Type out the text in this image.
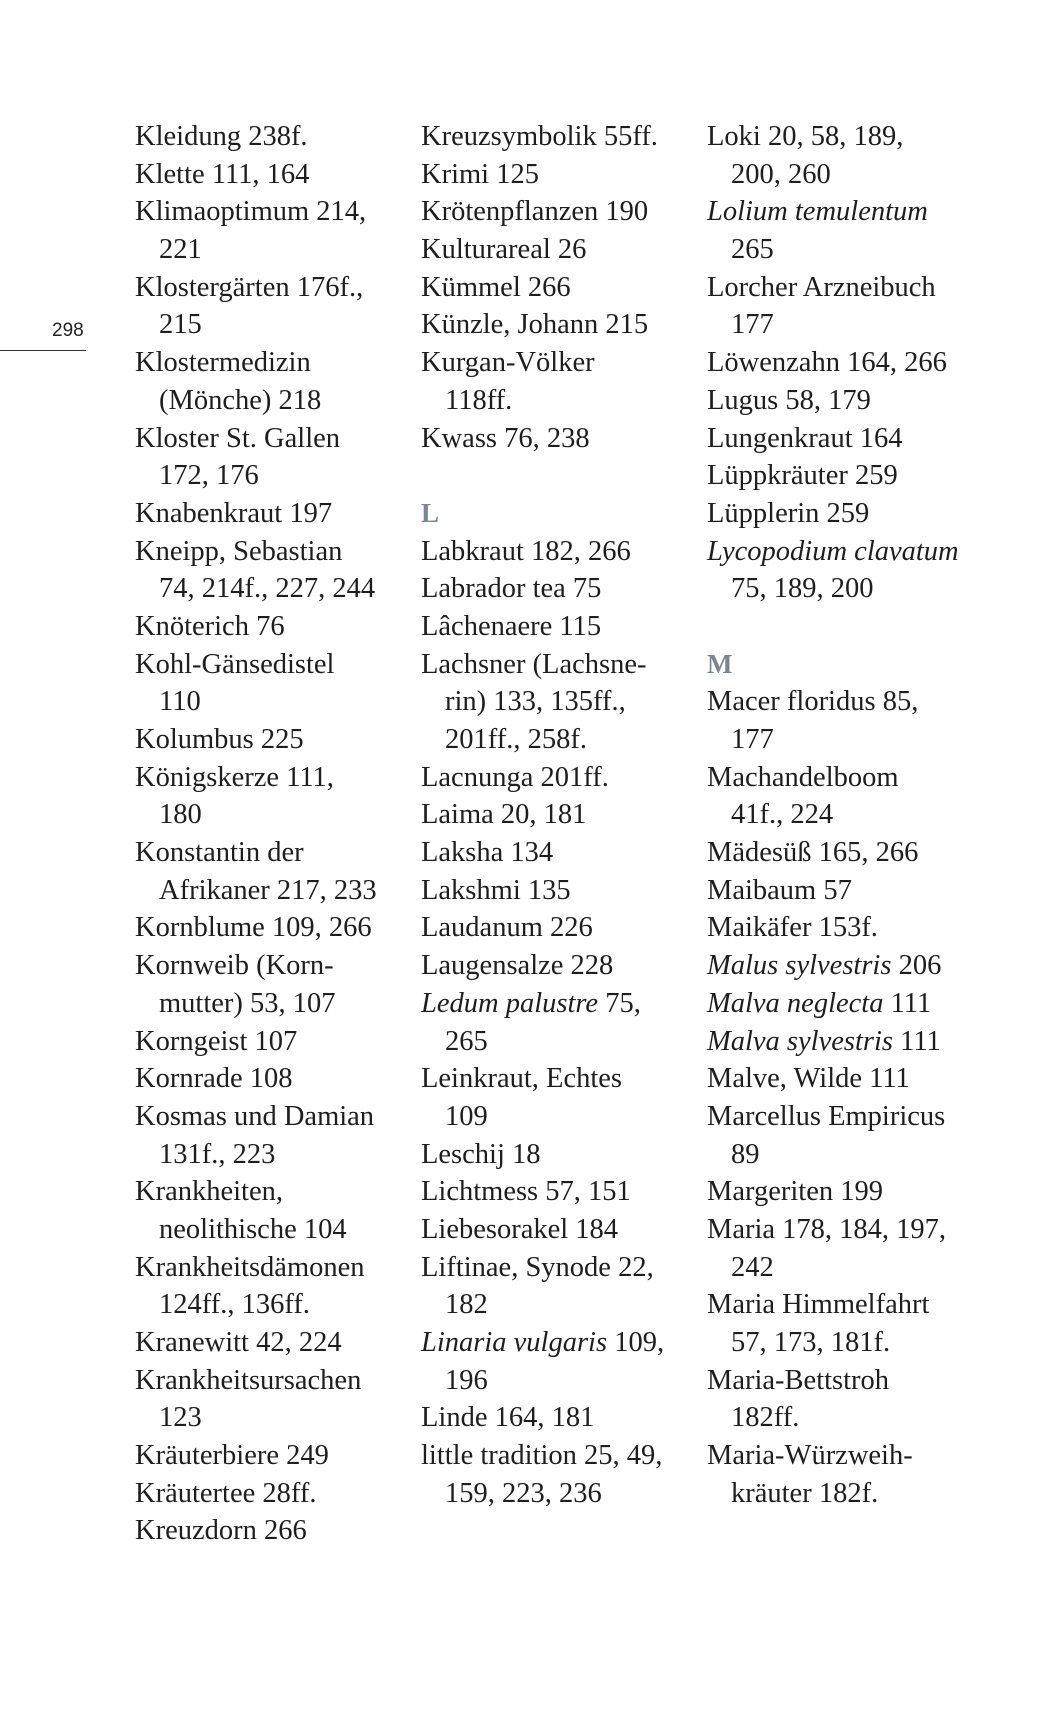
298
Kleidung 238f.
Klette 111, 164
Klimaoptimum 214,
221
Klostergärten 176f.,
215
Klostermedizin
(Mönche) 218
Kloster St. Gallen
172, 176
Knabenkraut 197
Kneipp, Sebastian
74, 214f., 227, 244
Knöterich 76
Kohl-Gänsedistel
110
Kolumbus 225
Königskerze 111,
180
Konstantin der
Afrikaner 217, 233
Kornblume 109, 266
Kornweib (Korn-
mutter) 53, 107
Korngeist 107
Kornrade 108
Kosmas und Damian
131f., 223
Krankheiten,
neolithische 104
Krankheitsdämonen
124ff., 136ff.
Kranewitt 42, 224
Krankheitsursachen
123
Kräuterbiere 249
Kräutertee 28ff.
Kreuzdorn 266
Kreuzsymbolik 55ff.
Krimi 125
Krötenpflanzen 190
Kulturareal 26
Kümmel 266
Künzle, Johann 215
Kurgan-Völker
118ff.
Kwass 76, 238
L
Labkraut 182, 266
Labrador tea 75
Lâchenaere 115
Lachsner (Lachsne-
rin) 133, 135ff.,
201ff., 258f.
Lacnunga 201ff.
Laima 20, 181
Laksha 134
Lakshmi 135
Laudanum 226
Laugensalze 228
Ledum palustre 75,
265
Leinkraut, Echtes
109
Leschij 18
Lichtmess 57, 151
Liebesorakel 184
Liftinae, Synode 22,
182
Linaria vulgaris 109,
196
Linde 164, 181
little tradition 25, 49,
159, 223, 236
Loki 20, 58, 189,
200, 260
Lolium temulentum
265
Lorcher Arzneibuch
177
Löwenzahn 164, 266
Lugus 58, 179
Lungenkraut 164
Lüppkräuter 259
Lüpplerin 259
Lycopodium clavatum
75, 189, 200
M
Macer floridus 85,
177
Machandelboom
41f., 224
Mädesüß 165, 266
Maibaum 57
Maikäfer 153f.
Malus sylvestris 206
Malva neglecta 111
Malva sylvestris 111
Malve, Wilde 111
Marcellus Empiricus
89
Margeriten 199
Maria 178, 184, 197,
242
Maria Himmelfahrt
57, 173, 181f.
Maria-Bettstroh
182ff.
Maria-Würzweih-
kräuter 182f.
